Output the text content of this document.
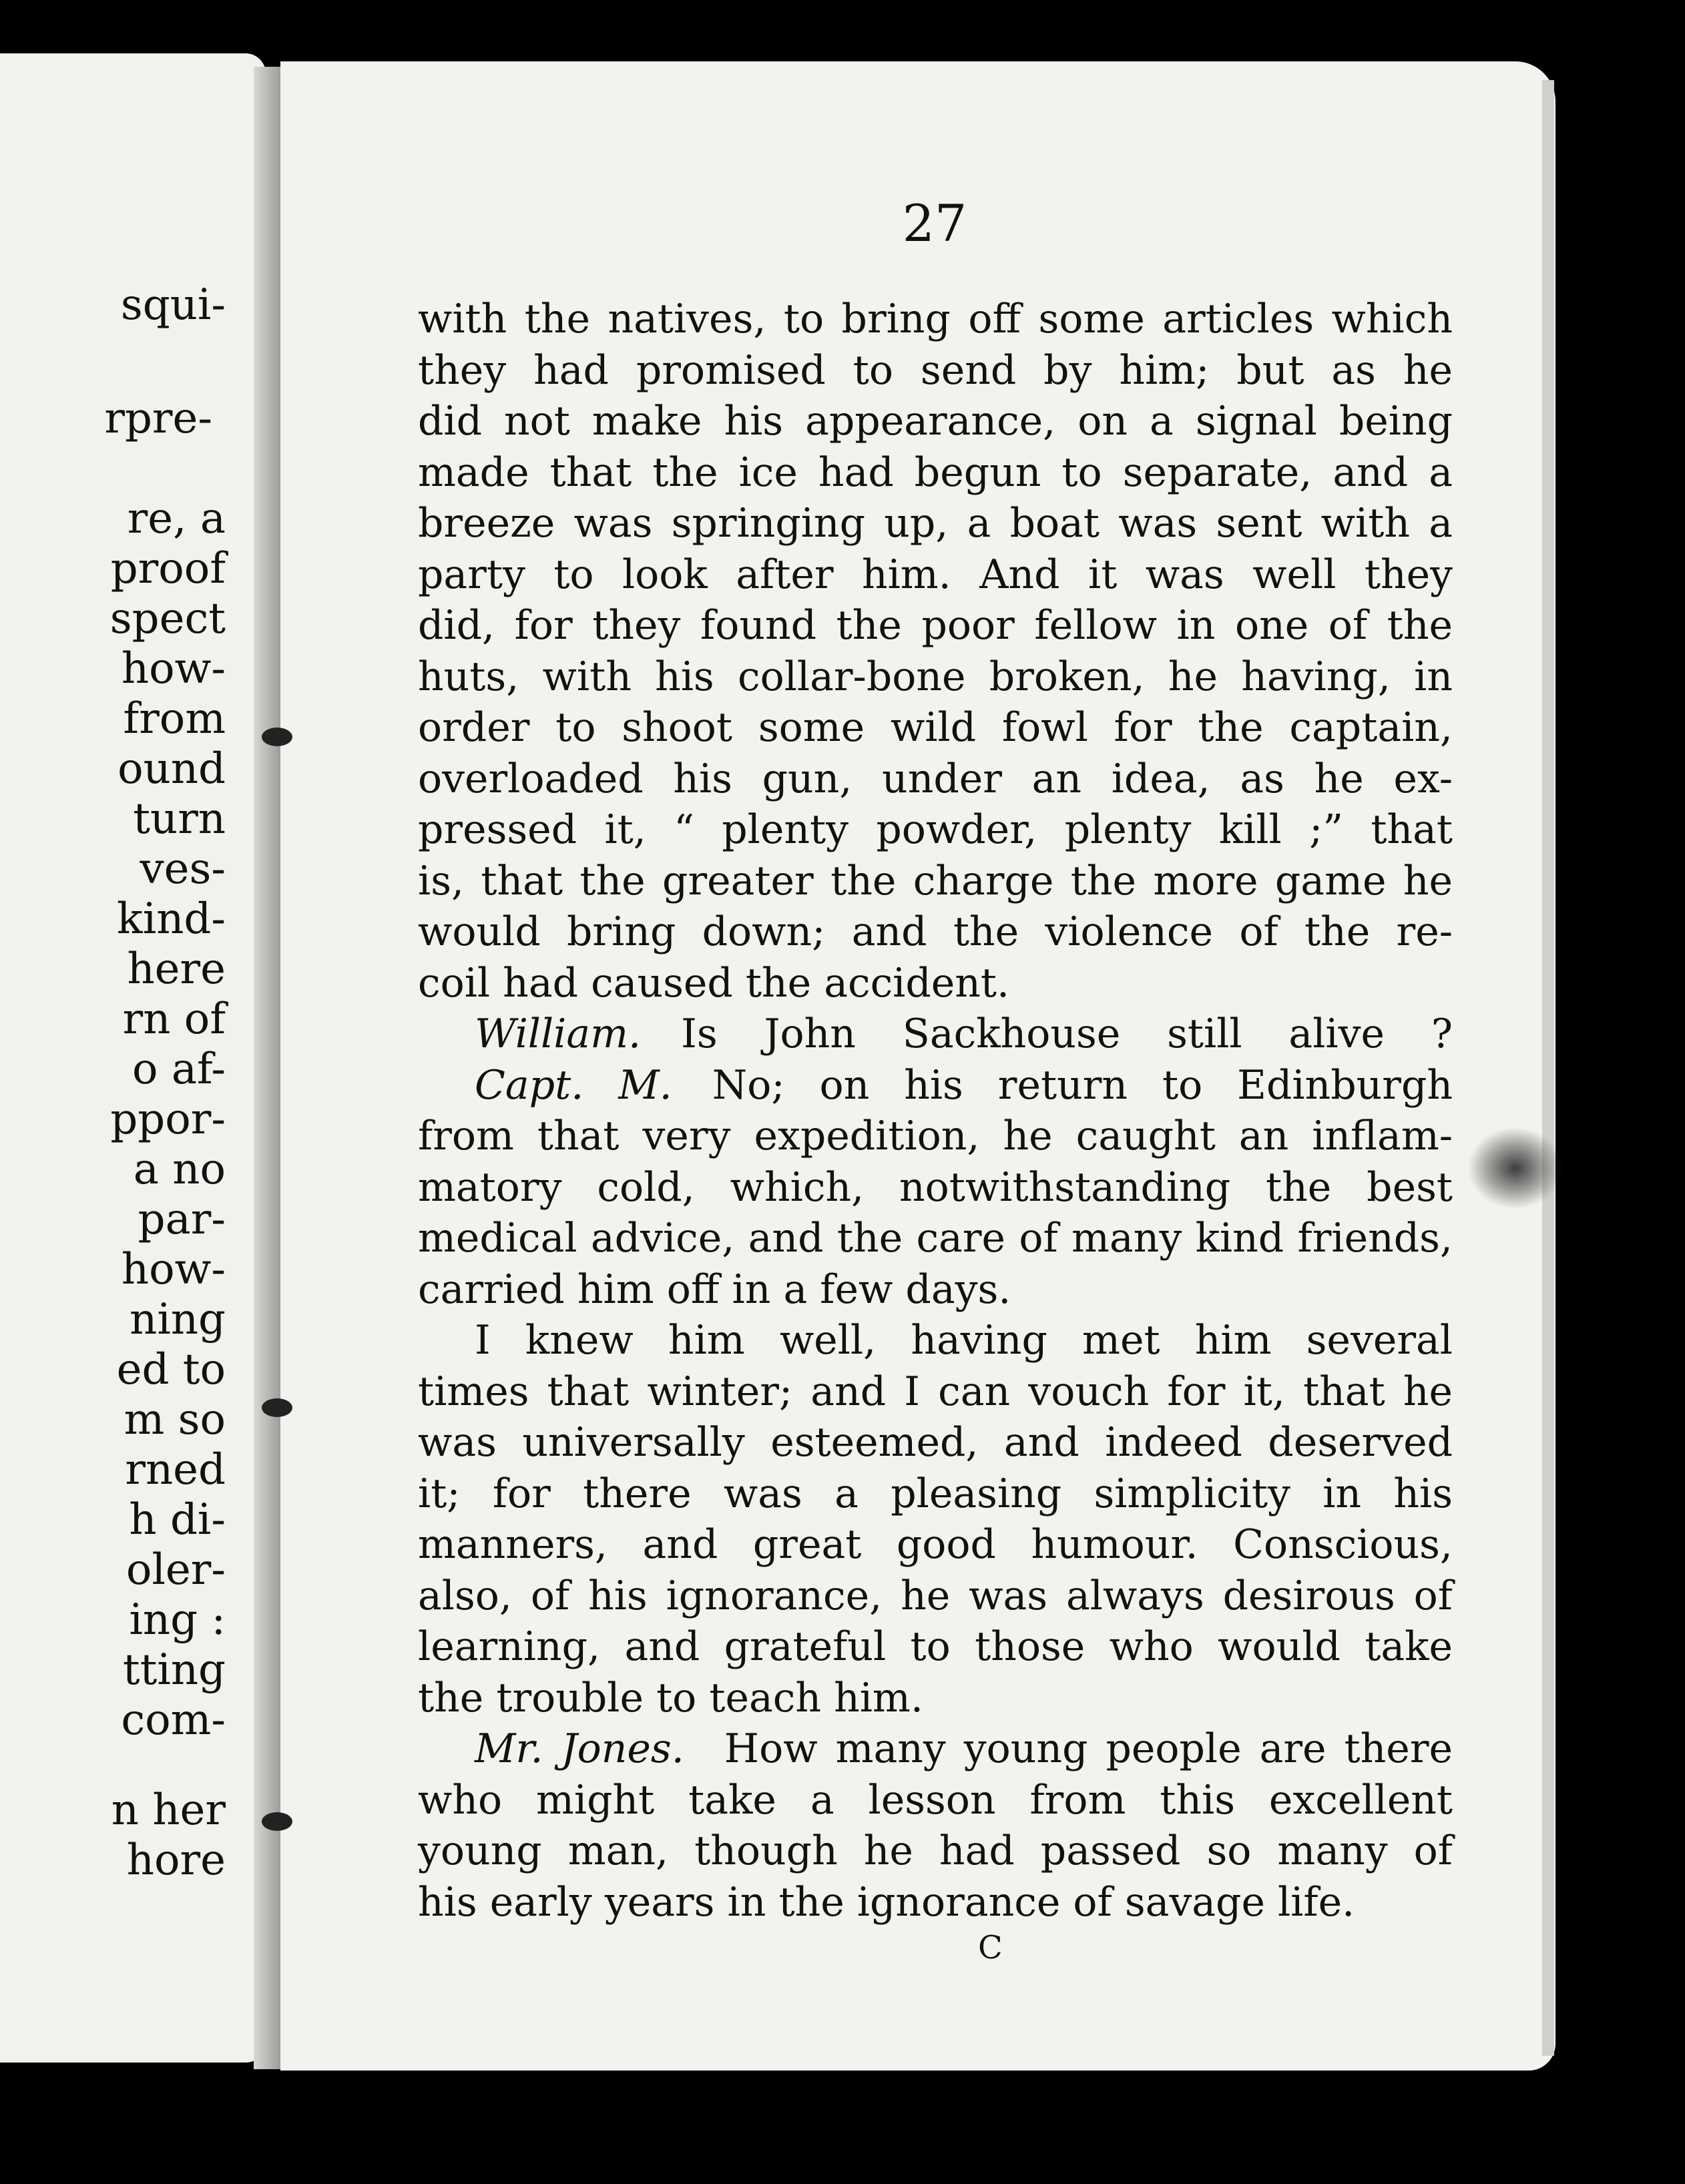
squi-
rpre-
re, a
proof
spect
how-
from
ound
turn
ves-
kind-
here
rn of
o af-
ppor-
a no
par-
how-
ning
ed to
m so
rned
h di-
oler-
ing :
tting
com-
n her
hore
27
with the natives, to bring off some articles which
they had promised to send by him; but as he
did not make his appearance, on a signal being
made that the ice had begun to separate, and a
breeze was springing up, a boat was sent with a
party to look after him. And it was well they
did, for they found the poor fellow in one of the
huts, with his collar-bone broken, he having, in
order to shoot some wild fowl for the captain,
overloaded his gun, under an idea, as he ex-
pressed it, “ plenty powder, plenty kill ;” that
is, that the greater the charge the more game he
would bring down; and the violence of the re-
coil had caused the accident.
William.  Is John Sackhouse still alive ?
Capt. M.  No; on his return to Edinburgh
from that very expedition, he caught an inflam-
matory cold, which, notwithstanding the best
medical advice, and the care of many kind friends,
carried him off in a few days.
I knew him well, having met him several
times that winter; and I can vouch for it, that he
was universally esteemed, and indeed deserved
it; for there was a pleasing simplicity in his
manners, and great good humour. Conscious,
also, of his ignorance, he was always desirous of
learning, and grateful to those who would take
the trouble to teach him.
Mr. Jones.  How many young people are there
who might take a lesson from this excellent
young man, though he had passed so many of
his early years in the ignorance of savage life.
C
